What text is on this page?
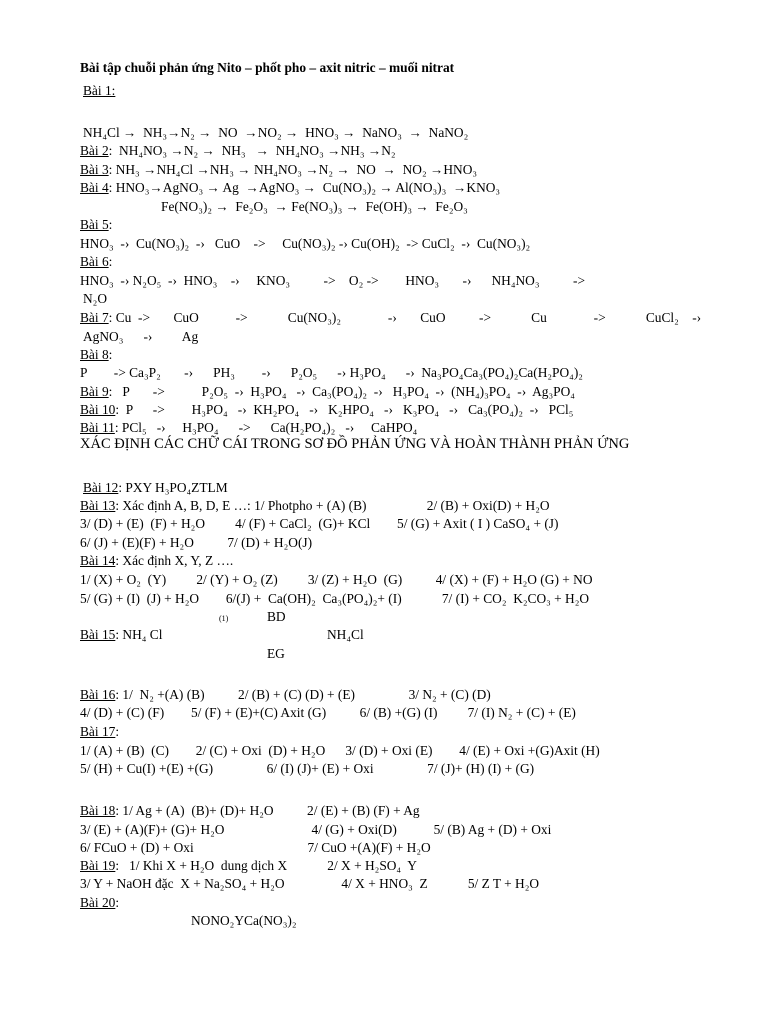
Bài tập chuỗi phản ứng Nito – phốt pho – axit nitric – muối nitrat
Bài 1:
NH₄Cl →  NH₃→N₂ →  NO  →NO₂ →  HNO₃ →  NaNO₃  →  NaNO₂
Bài 2:  NH₄NO₃ →N₂ →  NH₃   →  NH₄NO₃ →NH₃ →N₂
Bài 3: NH₃ →NH₄Cl →NH₃ → NH₄NO₃ →N₂ →  NO  →  NO₂ →HNO₃
Bài 4: HNO₃→AgNO₃ → Ag  →AgNO₃ →  Cu(NO₃)₂ → Al(NO₃)₃  →KNO₃
Fe(NO₃)₂ →  Fe₂O₃  → Fe(NO₃)₃ →  Fe(OH)₃ →  Fe₂O₃
Bài 5:
HNO₃  -›  Cu(NO₃)₂  -›   CuO    ->     Cu(NO₃)₂ -› Cu(OH)₂  -> CuCl₂  -›  Cu(NO₃)₂
Bài 6:
HNO₃  -› N₂O₅  -›  HNO₃    -›     KNO₃          ->    O₂ ->        HNO₃       -›      NH₄NO₃          ->
N₂O
Bài 7: Cu  ->       CuO           ->            Cu(NO₃)₂              -›       CuO          ->            Cu              ->            CuCl₂    -›
AgNO₃      -›         Ag
Bài 8:
P        -> Ca₃P₂       -›      PH₃        -›      P₂O₅      -› H₃PO₄      -›  Na₃PO₄Ca₃(PO₄)₂Ca(H₂PO₄)₂
Bài 9:   P       ->           P₂O₅  -›  H₃PO₄   -›  Ca₃(PO₄)₂  -›   H₃PO₄  -›  (NH₄)₃PO₄  -›  Ag₃PO₄
Bài 10:  P      ->        H₃PO₄   -›  KH₂PO₄   -›   K₂HPO₄   -›   K₃PO₄   -›   Ca₃(PO₄)₂  -›   PCl₅
Bài 11: PCl₅   -›     H₃PO₄      ->      Ca(H₂PO₄)₂   -›     CaHPO₄
XÁC ĐỊNH CÁC CHỮ CÁI TRONG SƠ ĐỒ PHẢN ỨNG VÀ HOÀN THÀNH PHẢN ỨNG
Bài 12: PXY H₃PO₄ZTLM
Bài 13: Xác định A, B, D, E …: 1/ Photpho + (A) (B)                  2/ (B) + Oxi(D) + H₂O
3/ (D) + (E)  (F) + H₂O         4/ (F) + CaCl₂  (G)+ KCl        5/ (G) + Axit ( I ) CaSO₄ + (J)
6/ (J) + (E)(F) + H₂O          7/ (D) + H₂O(J)
Bài 14: Xác định X, Y, Z ….
1/ (X) + O₂  (Y)         2/ (Y) + O₂ (Z)         3/ (Z) + H₂O  (G)          4/ (X) + (F) + H₂O (G) + NO
5/ (G) + (I)  (J) + H₂O        6/(J) +  Ca(OH)₂  Ca₃(PO₄)₂+ (I)            7/ (I) + CO₂  K₂CO₃ + H₂O
(1)	BD
Bài 15: NH₄ Cl	NH₄Cl
EG
Bài 16: 1/  N₂ +(A) (B)          2/ (B) + (C) (D) + (E)                3/ N₂ + (C) (D)
4/ (D) + (C) (F)        5/ (F) + (E)+(C) Axit (G)          6/ (B) +(G) (I)         7/ (I) N₂ + (C) + (E)
Bài 17:
1/ (A) + (B)  (C)        2/ (C) + Oxi  (D) + H₂O      3/ (D) + Oxi (E)        4/ (E) + Oxi +(G)Axit (H)
5/ (H) + Cu(I) +(E) +(G)                6/ (I) (J)+ (E) + Oxi                7/ (J)+ (H) (I) + (G)
Bài 18: 1/ Ag + (A)  (B)+ (D)+ H₂O          2/ (E) + (B) (F) + Ag
3/ (E) + (A)(F)+ (G)+ H₂O                          4/ (G) + Oxi(D)           5/ (B) Ag + (D) + Oxi
6/ FCuO + (D) + Oxi                                  7/ CuO +(A)(F) + H₂O
Bài 19:   1/ Khi X + H₂O  dung dịch X            2/ X + H₂SO₄  Y
3/ Y + NaOH đặc  X + Na₂SO₄ + H₂O                 4/ X + HNO₃  Z            5/ Z T + H₂O
Bài 20:
NONO₂YCa(NO₃)₂
